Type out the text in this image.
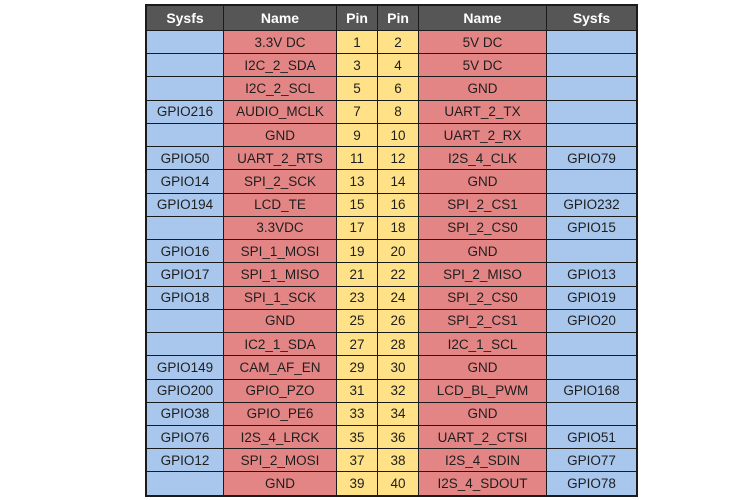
Sysfs	Name	Pin	Pin	Name	Sysfs
	3.3V DC	1	2	5V DC	
	I2C_2_SDA	3	4	5V DC	
	I2C_2_SCL	5	6	GND	
GPIO216	AUDIO_MCLK	7	8	UART_2_TX	
	GND	9	10	UART_2_RX	
GPIO50	UART_2_RTS	11	12	I2S_4_CLK	GPIO79
GPIO14	SPI_2_SCK	13	14	GND	
GPIO194	LCD_TE	15	16	SPI_2_CS1	GPIO232
	3.3VDC	17	18	SPI_2_CS0	GPIO15
GPIO16	SPI_1_MOSI	19	20	GND	
GPIO17	SPI_1_MISO	21	22	SPI_2_MISO	GPIO13
GPIO18	SPI_1_SCK	23	24	SPI_2_CS0	GPIO19
	GND	25	26	SPI_2_CS1	GPIO20
	IC2_1_SDA	27	28	I2C_1_SCL	
GPIO149	CAM_AF_EN	29	30	GND	
GPIO200	GPIO_PZO	31	32	LCD_BL_PWM	GPIO168
GPIO38	GPIO_PE6	33	34	GND	
GPIO76	I2S_4_LRCK	35	36	UART_2_CTSI	GPIO51
GPIO12	SPI_2_MOSI	37	38	I2S_4_SDIN	GPIO77
	GND	39	40	I2S_4_SDOUT	GPIO78
